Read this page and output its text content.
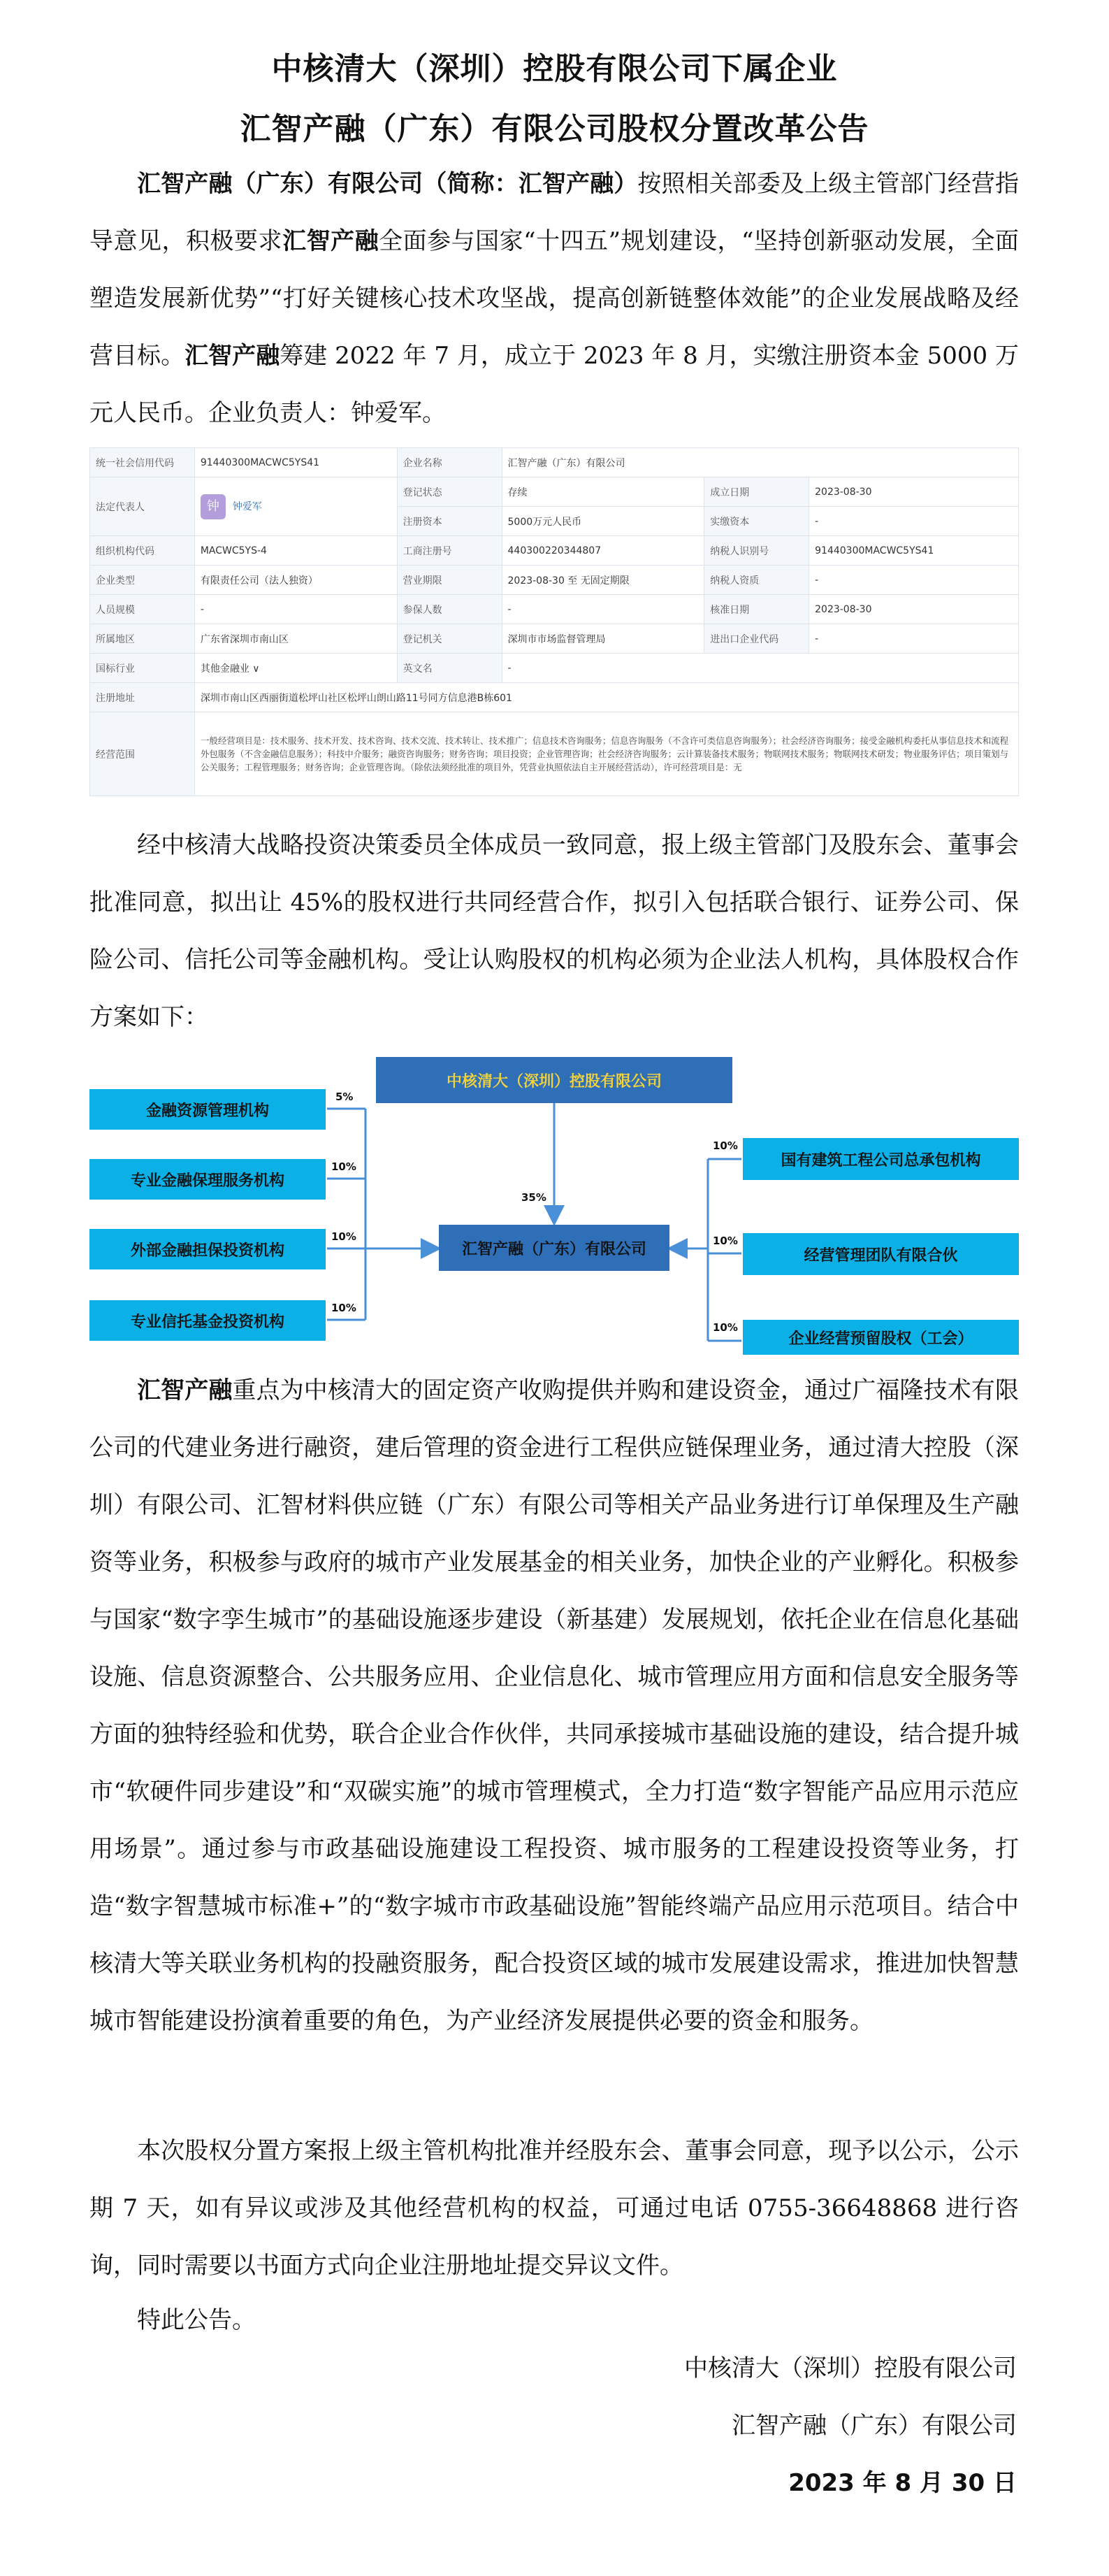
中核清大（深圳）控股有限公司下属企业
汇智产融（广东）有限公司股权分置改革公告
汇智产融（广东）有限公司（简称：汇智产融）按照相关部委及上级主管部门经营指导意见，积极要求汇智产融全面参与国家“十四五”规划建设，“坚持创新驱动发展，全面塑造发展新优势”“打好关键核心技术攻坚战，提高创新链整体效能”的企业发展战略及经营目标。汇智产融筹建 2022 年 7 月，成立于 2023 年 8 月，实缴注册资本金 5000 万元人民币。企业负责人：钟爱军。
统一社会信用代码	91440300MACWC5YS41	企业名称	汇智产融（广东）有限公司		
法定代表人	钟 钟爱军	登记状态	存续	成立日期	2023-08-30
		注册资本	5000万元人民币	实缴资本	-
组织机构代码	MACWC5YS-4	工商注册号	440300220344807	纳税人识别号	91440300MACWC5YS41
企业类型	有限责任公司（法人独资）	营业期限	2023-08-30 至 无固定期限	纳税人资质	-
人员规模	-	参保人数	-	核准日期	2023-08-30
所属地区	广东省深圳市南山区	登记机关	深圳市市场监督管理局	进出口企业代码	-
国标行业	其他金融业 ∨	英文名	-		
注册地址	深圳市南山区西丽街道松坪山社区松坪山朗山路11号同方信息港B栋601				
经营范围	一般经营项目是：技术服务、技术开发、技术咨询、技术交流、技术转让、技术推广；信息技术咨询服务；信息咨询服务（不含许可类信息咨询服务）；社会经济咨询服务；接受金融机构委托从事信息技术和流程外包服务（不含金融信息服务）；科技中介服务；融资咨询服务；财务咨询；项目投资；企业管理咨询；社会经济咨询服务；云计算装备技术服务；物联网技术服务；物联网技术研发；物业服务评估；项目策划与公关服务；工程管理服务；财务咨询；企业管理咨询。（除依法须经批准的项目外，凭营业执照依法自主开展经营活动），许可经营项目是：无				
经中核清大战略投资决策委员全体成员一致同意，报上级主管部门及股东会、董事会批准同意，拟出让 45%的股权进行共同经营合作，拟引入包括联合银行、证券公司、保险公司、信托公司等金融机构。受让认购股权的机构必须为企业法人机构，具体股权合作方案如下：
中核清大（深圳）控股有限公司
35%
汇智产融（广东）有限公司
金融资源管理机构
5%
专业金融保理服务机构
10%
外部金融担保投资机构
10%
专业信托基金投资机构
10%
国有建筑工程公司总承包机构
10%
经营管理团队有限合伙
10%
企业经营预留股权（工会）
10%
汇智产融重点为中核清大的固定资产收购提供并购和建设资金，通过广福隆技术有限公司的代建业务进行融资，建后管理的资金进行工程供应链保理业务，通过清大控股（深圳）有限公司、汇智材料供应链（广东）有限公司等相关产品业务进行订单保理及生产融资等业务，积极参与政府的城市产业发展基金的相关业务，加快企业的产业孵化。积极参与国家“数字孪生城市”的基础设施逐步建设（新基建）发展规划，依托企业在信息化基础设施、信息资源整合、公共服务应用、企业信息化、城市管理应用方面和信息安全服务等方面的独特经验和优势，联合企业合作伙伴，共同承接城市基础设施的建设，结合提升城市“软硬件同步建设”和“双碳实施”的城市管理模式，全力打造“数字智能产品应用示范应用场景”。通过参与市政基础设施建设工程投资、城市服务的工程建设投资等业务，打造“数字智慧城市标准+”的“数字城市市政基础设施”智能终端产品应用示范项目。结合中核清大等关联业务机构的投融资服务，配合投资区域的城市发展建设需求，推进加快智慧城市智能建设扮演着重要的角色，为产业经济发展提供必要的资金和服务。
本次股权分置方案报上级主管机构批准并经股东会、董事会同意，现予以公示，公示期 7 天，如有异议或涉及其他经营机构的权益，可通过电话 0755-36648868 进行咨询，同时需要以书面方式向企业注册地址提交异议文件。
特此公告。
中核清大（深圳）控股有限公司
汇智产融（广东）有限公司
2023 年 8 月 30 日
